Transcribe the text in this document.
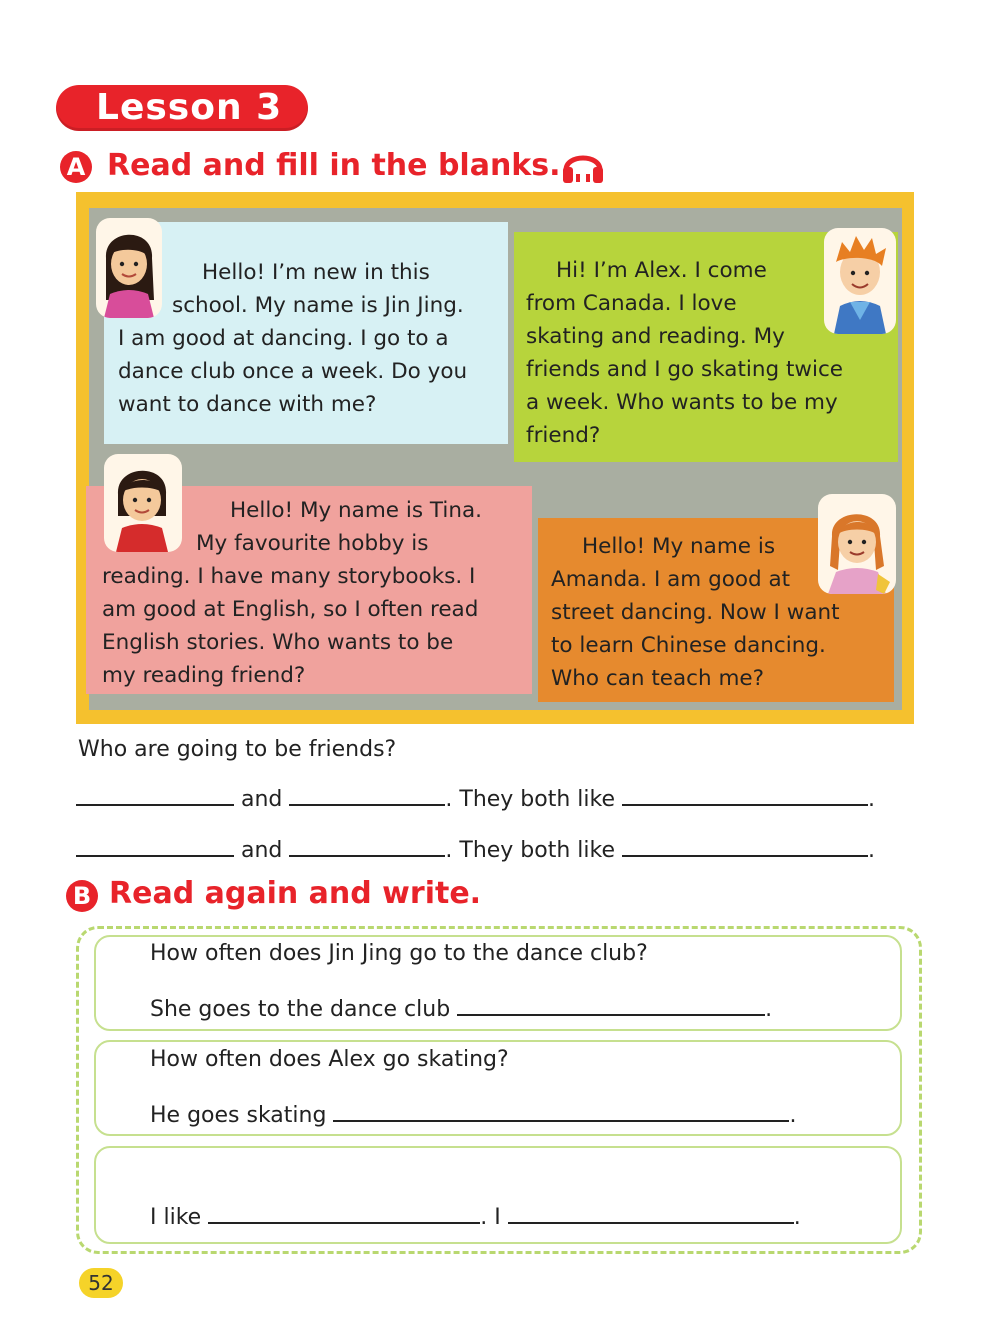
Lesson 3
A Read and fill in the blanks.

Hello! I’m new in this

school. My name is Jin Jing.

I am good at dancing. I go to a

dance club once a week. Do you

want to dance with me?

Hi! I’m Alex. I come

from Canada. I love

skating and reading. My

friends and I go skating twice

a week. Who wants to be my

friend?

Hello! My name is Tina.

My favourite hobby is

reading. I have many storybooks. I

am good at English, so I often read

English stories. Who wants to be

my reading friend?

Hello! My name is

Amanda. I am good at

street dancing. Now I want

to learn Chinese dancing.

Who can teach me?

Who are going to be friends?
and	. They both like	.
and	. They both like	.
B Read again and write.
How often does Jin Jing go to the dance club?
She goes to the dance club	.
How often does Alex go skating?
He goes skating	.
I like	. I	.
52
